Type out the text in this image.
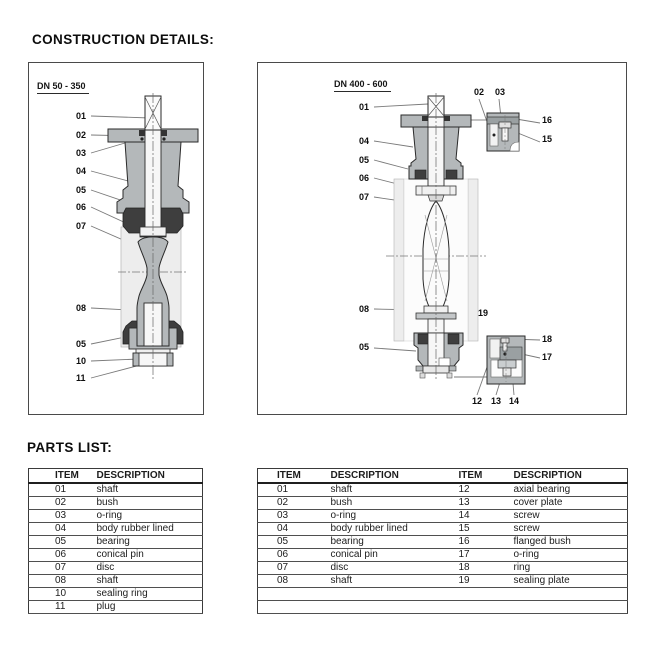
CONSTRUCTION DETAILS:
DN 50 - 350
01
02
03
04
05
06
07
08
05
10
11
DN 400 - 600
01
04
05
06
07
02 03
16
15
08	19
05
18
17
12 13 14
PARTS LIST:
ITEM	DESCRIPTION
01	shaft
02	bush
03	o-ring
04	body rubber lined
05	bearing
06	conical pin
07	disc
08	shaft
10	sealing ring
11	plug
ITEM	DESCRIPTION	ITEM	DESCRIPTION
01	shaft	12	axial bearing
02	bush	13	cover plate
03	o-ring	14	screw
04	body rubber lined	15	screw
05	bearing	16	flanged bush
06	conical pin	17	o-ring
07	disc	18	ring
08	shaft	19	sealing plate
